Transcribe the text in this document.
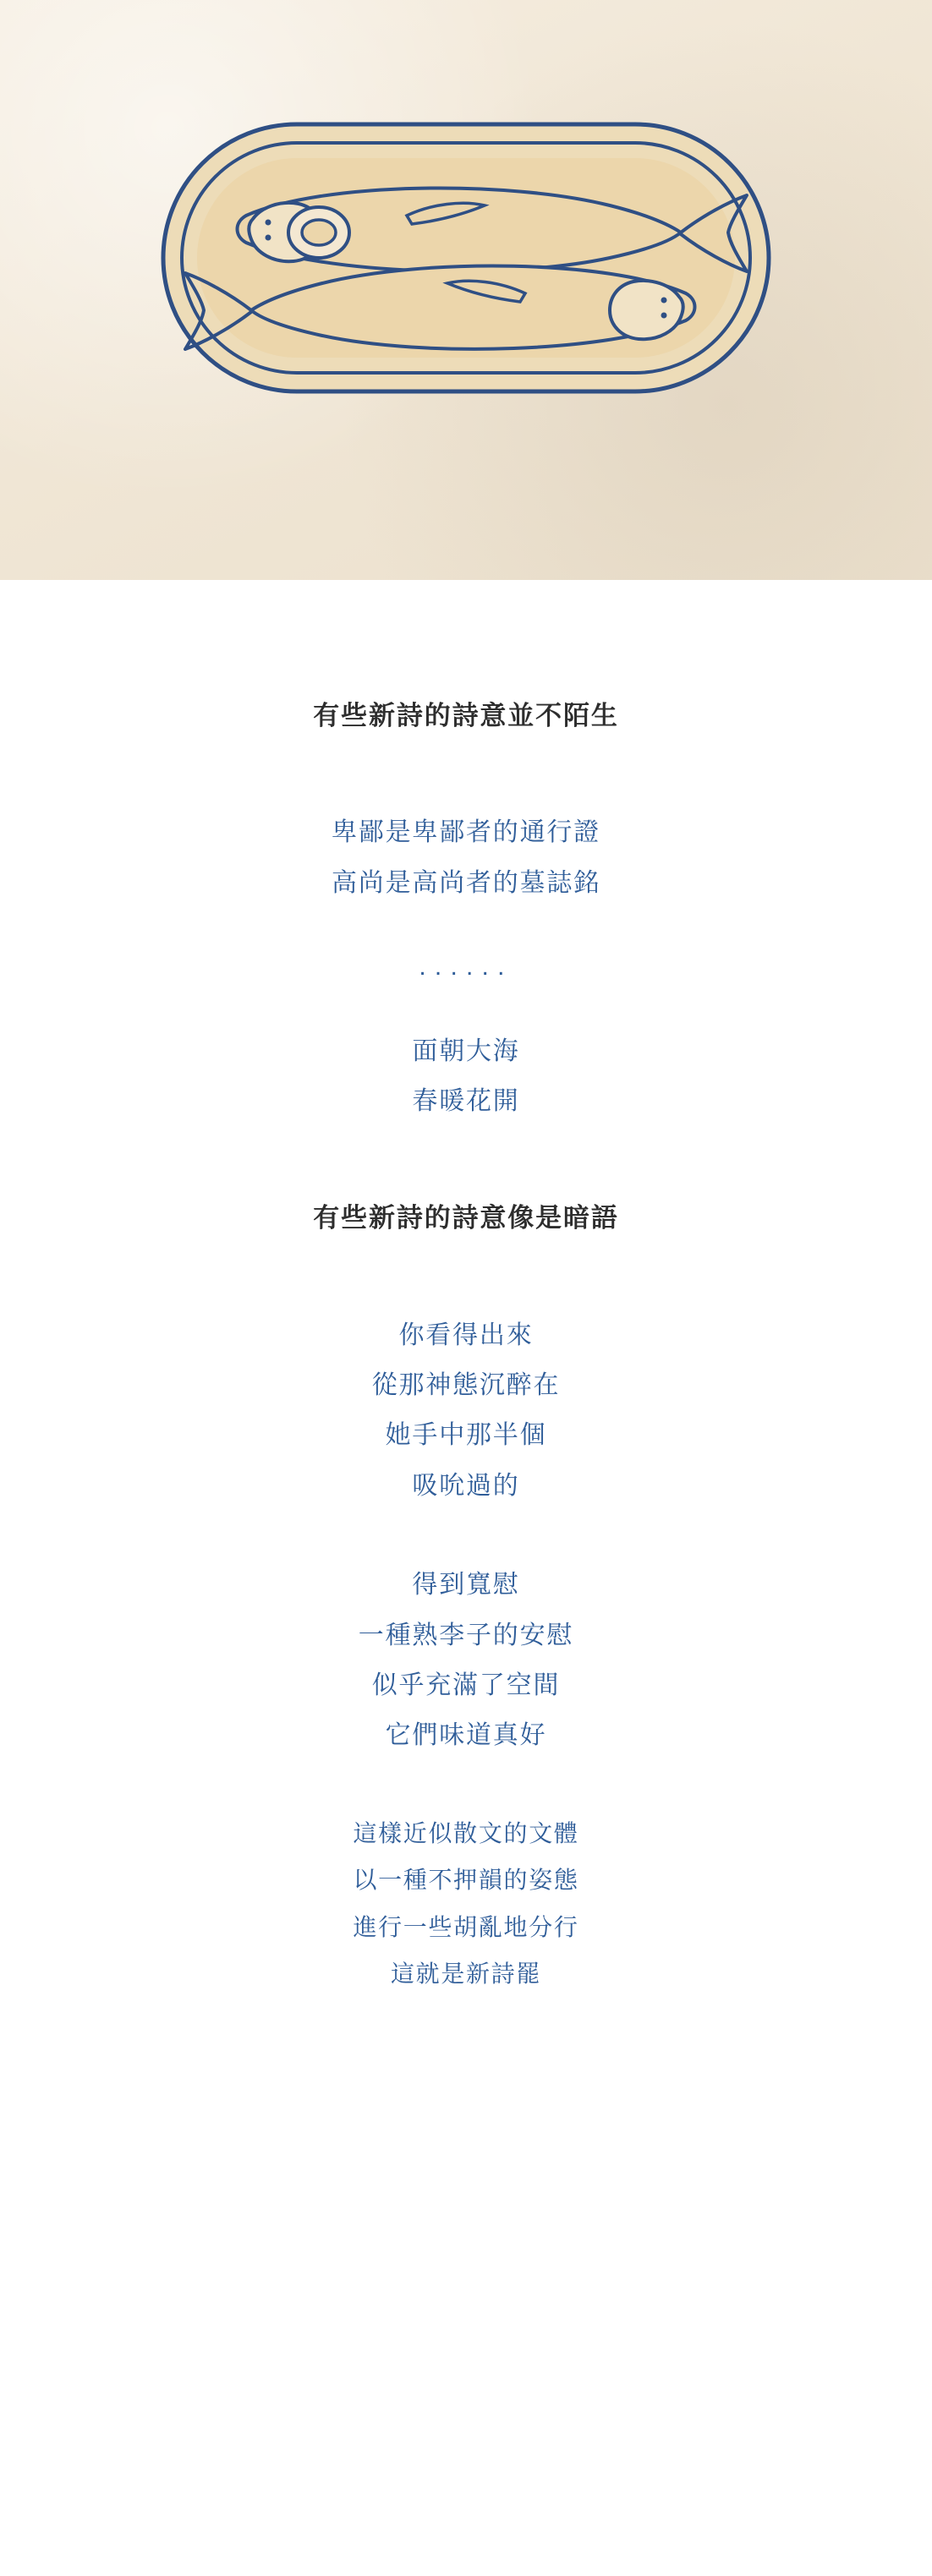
有些新詩的詩意並不陌生
卑鄙是卑鄙者的通行證
高尚是高尚者的墓誌銘
......
面朝大海
春暖花開
有些新詩的詩意像是暗語
你看得出來
從那神態沉醉在
她手中那半個
吸吮過的
得到寬慰
一種熟李子的安慰
似乎充滿了空間
它們味道真好
這樣近似散文的文體
以一種不押韻的姿態
進行一些胡亂地分行
這就是新詩罷
